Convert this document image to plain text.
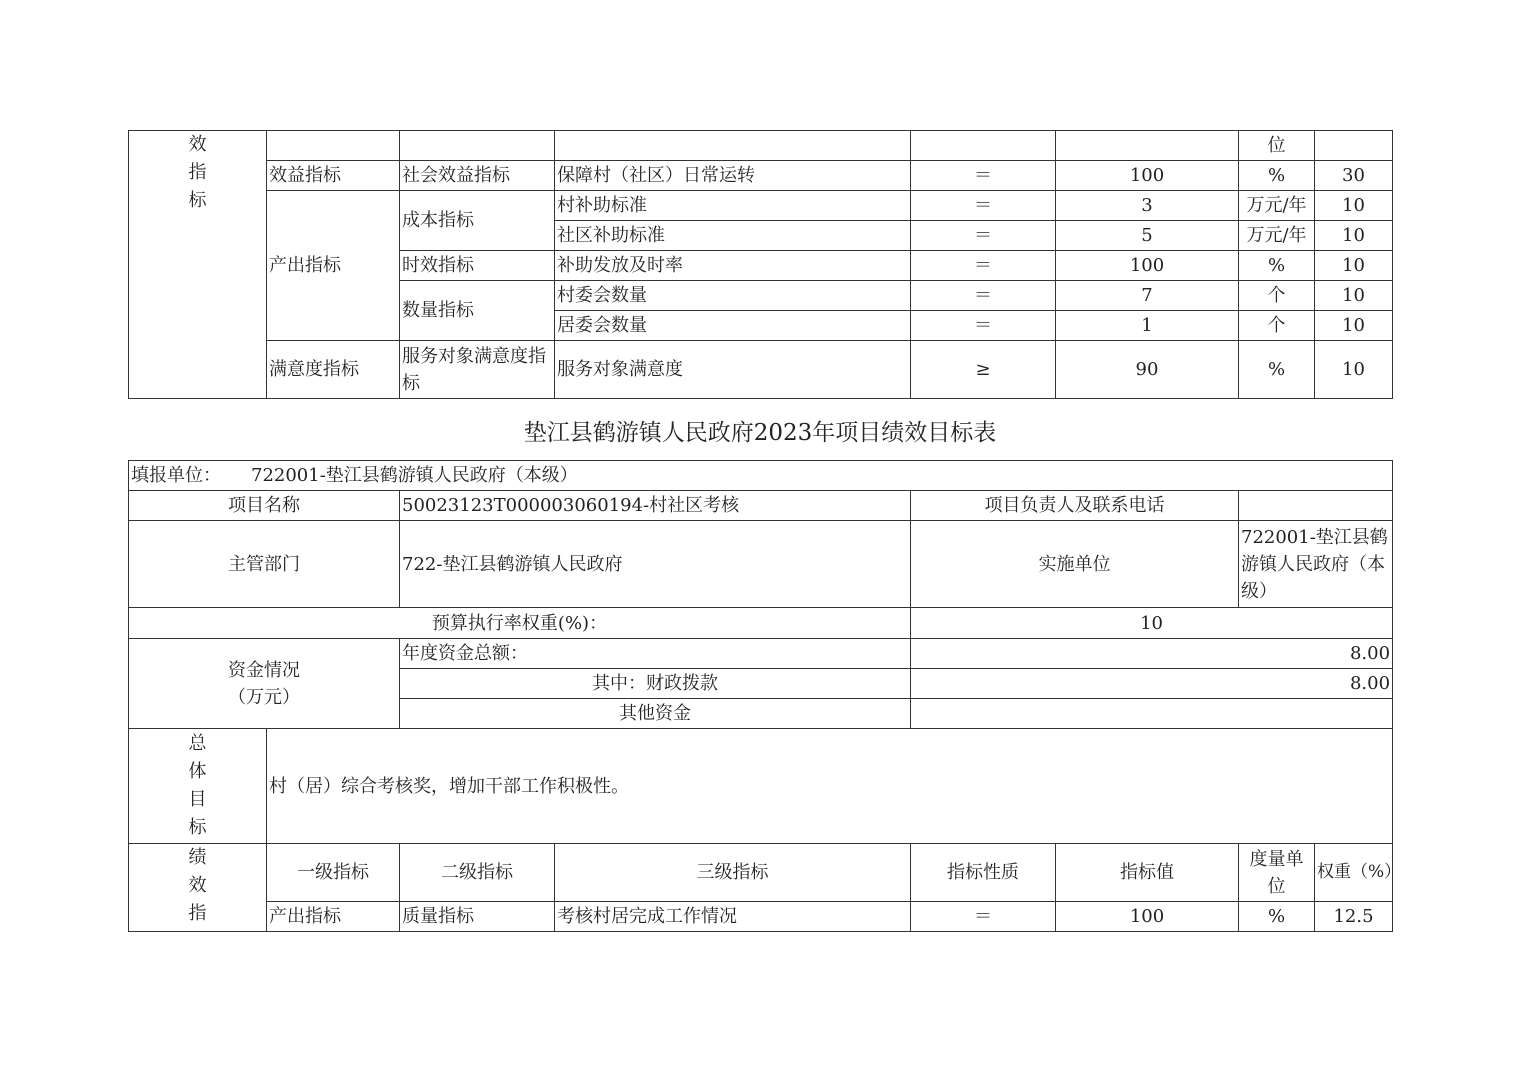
效
指
标						位	
	效益指标	社会效益指标	保障村（社区）日常运转	＝	100	%	30
	产出指标	成本指标	村补助标准	＝	3	万元/年	10
			社区补助标准	＝	5	万元/年	10
		时效指标	补助发放及时率	＝	100	%	10
		数量指标	村委会数量	＝	7	个	10
			居委会数量	＝	1	个	10
	满意度指标	服务对象满意度指标	服务对象满意度	≥	90	%	10
垫江县鹤游镇人民政府2023年项目绩效目标表
填报单位： 722001-垫江县鹤游镇人民政府（本级）							
项目名称		50023123T000003060194-村社区考核		项目负责人及联系电话			
主管部门		722-垫江县鹤游镇人民政府		实施单位		722001-垫江县鹤游镇人民政府（本级）	
预算执行率权重(%)：				10			

资金情况
（万元）		年度资金总额：		8.00			
		其中：财政拨款		8.00			
		其他资金					

总
体
目
标	村（居）综合考核奖，增加干部工作积极性。						

绩
效
指	一级指标	二级指标	三级指标	指标性质	指标值	度量单位	权重（%）
	产出指标	质量指标	考核村居完成工作情况	＝	100	%	12.5
